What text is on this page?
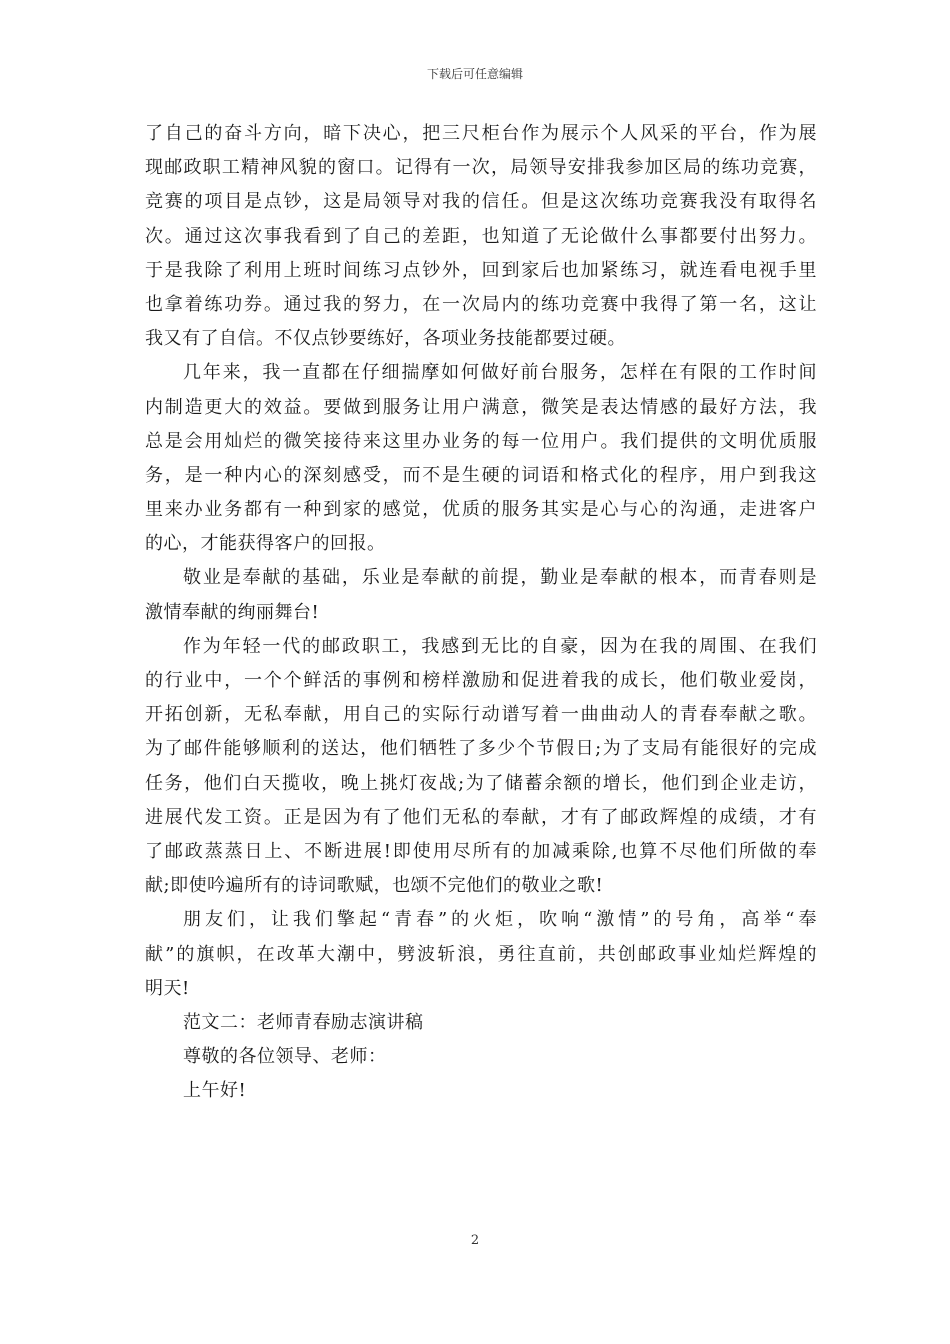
下载后可任意编辑
了自己的奋斗方向，暗下决心，把三尺柜台作为展示个人风采的平台，作为展
现邮政职工精神风貌的窗口。记得有一次，局领导安排我参加区局的练功竞赛，
竞赛的项目是点钞，这是局领导对我的信任。但是这次练功竞赛我没有取得名
次。通过这次事我看到了自己的差距，也知道了无论做什么事都要付出努力。
于是我除了利用上班时间练习点钞外，回到家后也加紧练习，就连看电视手里
也拿着练功券。通过我的努力，在一次局内的练功竞赛中我得了第一名，这让
我又有了自信。不仅点钞要练好，各项业务技能都要过硬。
几年来，我一直都在仔细揣摩如何做好前台服务，怎样在有限的工作时间
内制造更大的效益。要做到服务让用户满意，微笑是表达情感的最好方法，我
总是会用灿烂的微笑接待来这里办业务的每一位用户。我们提供的文明优质服
务，是一种内心的深刻感受，而不是生硬的词语和格式化的程序，用户到我这
里来办业务都有一种到家的感觉，优质的服务其实是心与心的沟通，走进客户
的心，才能获得客户的回报。
敬业是奉献的基础，乐业是奉献的前提，勤业是奉献的根本，而青春则是
激情奉献的绚丽舞台!
作为年轻一代的邮政职工，我感到无比的自豪，因为在我的周围、在我们
的行业中，一个个鲜活的事例和榜样激励和促进着我的成长，他们敬业爱岗，
开拓创新，无私奉献，用自己的实际行动谱写着一曲曲动人的青春奉献之歌。
为了邮件能够顺利的送达，他们牺牲了多少个节假日;为了支局有能很好的完成
任务，他们白天揽收，晚上挑灯夜战;为了储蓄余额的增长，他们到企业走访，
进展代发工资。正是因为有了他们无私的奉献，才有了邮政辉煌的成绩，才有
了邮政蒸蒸日上、不断进展!即使用尽所有的加减乘除,也算不尽他们所做的奉
献;即使吟遍所有的诗词歌赋，也颂不完他们的敬业之歌!
朋友们，让我们擎起“青春”的火炬，吹响“激情”的号角，高举“奉
献”的旗帜，在改革大潮中，劈波斩浪，勇往直前，共创邮政事业灿烂辉煌的
明天!
范文二：老师青春励志演讲稿
尊敬的各位领导、老师：
上午好!
2
